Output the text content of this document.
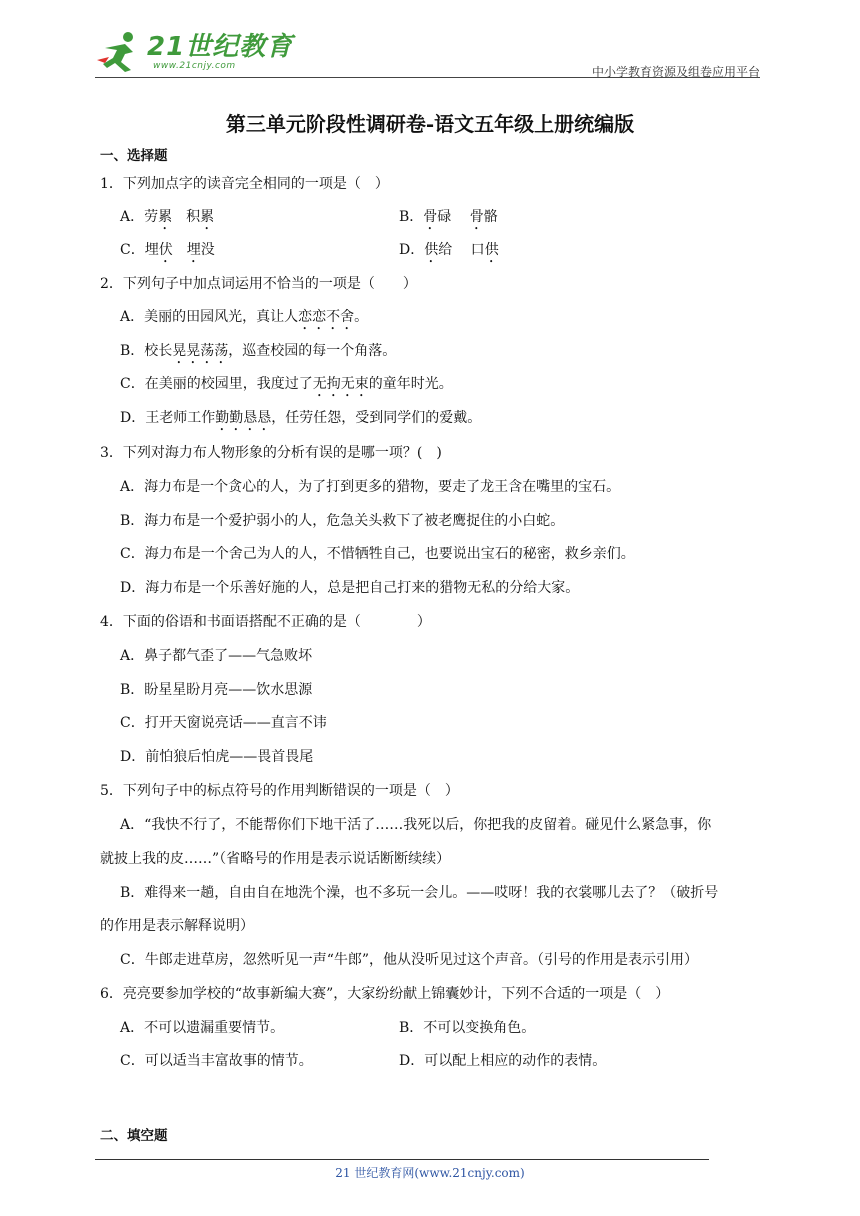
21世纪教育
www.21cnjy.com	中小学教育资源及组卷应用平台
第三单元阶段性调研卷-语文五年级上册统编版
一、选择题
1．下列加点字的读音完全相同的一项是（　）
A．劳累　积累	B．骨碌　 骨骼
C．埋伏　 埋没	D．供给　 口供
2．下列句子中加点词运用不恰当的一项是（　　）
A．美丽的田园风光，真让人恋恋不舍。
B．校长晃晃荡荡，巡查校园的每一个角落。
C．在美丽的校园里，我度过了无拘无束的童年时光。
D．王老师工作勤勤恳恳，任劳任怨，受到同学们的爱戴。
3．下列对海力布人物形象的分析有误的是哪一项？(　)
A．海力布是一个贪心的人，为了打到更多的猎物，要走了龙王含在嘴里的宝石。
B．海力布是一个爱护弱小的人，危急关头救下了被老鹰捉住的小白蛇。
C．海力布是一个舍己为人的人，不惜牺牲自己，也要说出宝石的秘密，救乡亲们。
D．海力布是一个乐善好施的人，总是把自己打来的猎物无私的分给大家。
4．下面的俗语和书面语搭配不正确的是（　　　　）
A．鼻子都气歪了——气急败坏
B．盼星星盼月亮——饮水思源
C．打开天窗说亮话——直言不讳
D．前怕狼后怕虎——畏首畏尾
5．下列句子中的标点符号的作用判断错误的一项是（　）
A．“我快不行了，不能帮你们下地干活了……我死以后，你把我的皮留着。碰见什么紧急事，你
就披上我的皮……”（省略号的作用是表示说话断断续续）
B．难得来一趟，自由自在地洗个澡，也不多玩一会儿。——哎呀！我的衣裳哪儿去了？（破折号
的作用是表示解释说明）
C．牛郎走进草房，忽然听见一声“牛郎”，他从没听见过这个声音。（引号的作用是表示引用）
6．亮亮要参加学校的“故事新编大赛”，大家纷纷献上锦囊妙计，下列不合适的一项是（　）
A．不可以遗漏重要情节。	B．不可以变换角色。
C．可以适当丰富故事的情节。	D．可以配上相应的动作的表情。
二、填空题
21 世纪教育网(www.21cnjy.com)
